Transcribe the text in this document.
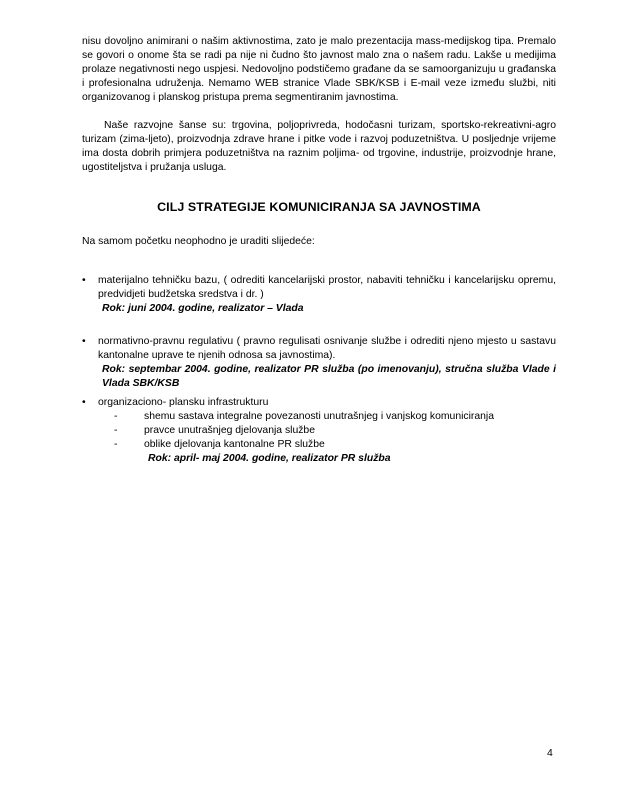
nisu dovoljno animirani o našim aktivnostima, zato je malo prezentacija mass-medijskog tipa. Premalo se govori o onome šta se radi pa nije ni čudno što javnost malo zna o našem radu. Lakše u medijima prolaze negativnosti nego uspjesi. Nedovoljno podstičemo građane da se samoorganizuju u građanska i profesionalna udruženja. Nemamo WEB stranice Vlade SBK/KSB i E-mail veze između službi, niti organizovanog i planskog pristupa prema segmentiranim javnostima.

Naše razvojne šanse su: trgovina, poljoprivreda, hodočasni turizam, sportsko-rekreativni-agro turizam (zima-ljeto), proizvodnja zdrave hrane i pitke vode i razvoj poduzetništva. U posljednje vrijeme ima dosta dobrih primjera poduzetništva na raznim poljima- od trgovine, industrije, proizvodnje hrane, ugostiteljstva i pružanja usluga.

CILJ STRATEGIJE KOMUNICIRANJA SA JAVNOSTIMA

Na samom početku neophodno je uraditi slijedeće:

•	materijalno tehničku bazu, ( odrediti kancelarijski prostor, nabaviti tehničku i kancelarijsku opremu, predvidjeti budžetska sredstva i dr. )
Rok: juni 2004. godine, realizator – Vlada
•	normativno-pravnu regulativu ( pravno regulisati osnivanje službe i odrediti njeno mjesto u sastavu kantonalne uprave te njenih odnosa sa javnostima).
Rok: septembar 2004. godine, realizator PR služba (po imenovanju), stručna služba Vlade i Vlada SBK/KSB
•	organizaciono- plansku infrastrukturu
-	shemu sastava integralne povezanosti unutrašnjeg i vanjskog komuniciranja
-	pravce unutrašnjeg djelovanja službe
-	oblike djelovanja kantonalne PR službe
Rok: april- maj 2004. godine, realizator PR služba
4
